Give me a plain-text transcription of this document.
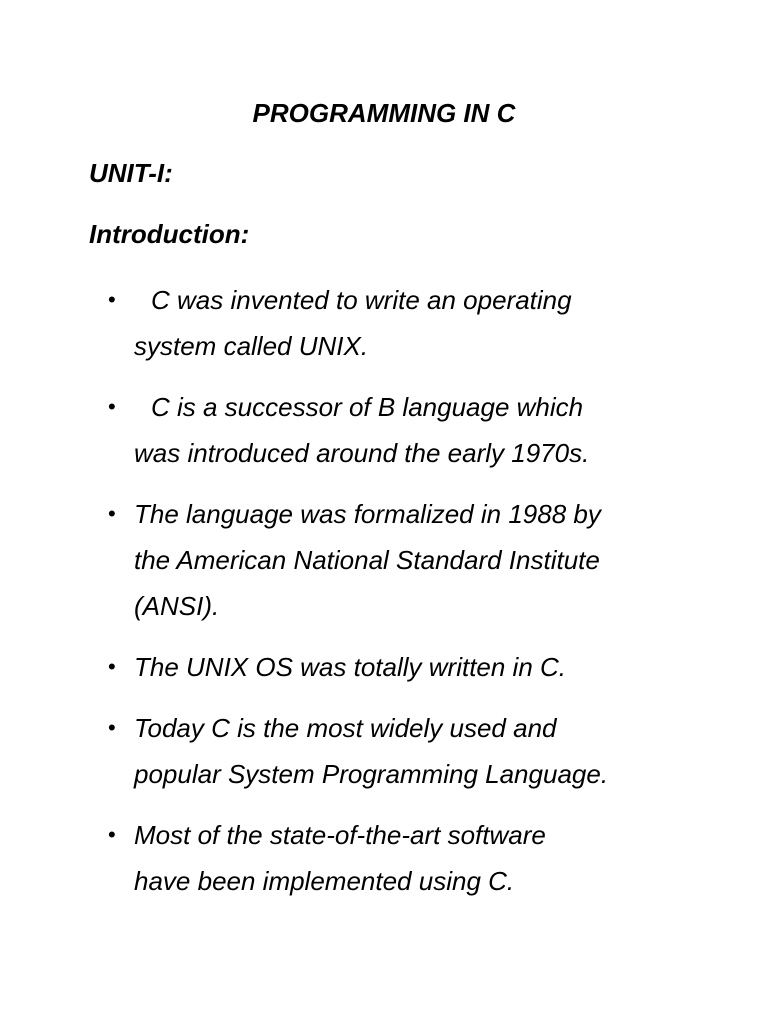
PROGRAMMING IN C
UNIT-I:
Introduction:
•	C was invented to write an operating
system called UNIX.
•	C is a successor of B language which
was introduced around the early 1970s.
• The language was formalized in 1988 by
the American National Standard Institute
(ANSI).
• The UNIX OS was totally written in C.
• Today C is the most widely used and
popular System Programming Language.
• Most of the state-of-the-art software
have been implemented using C.
